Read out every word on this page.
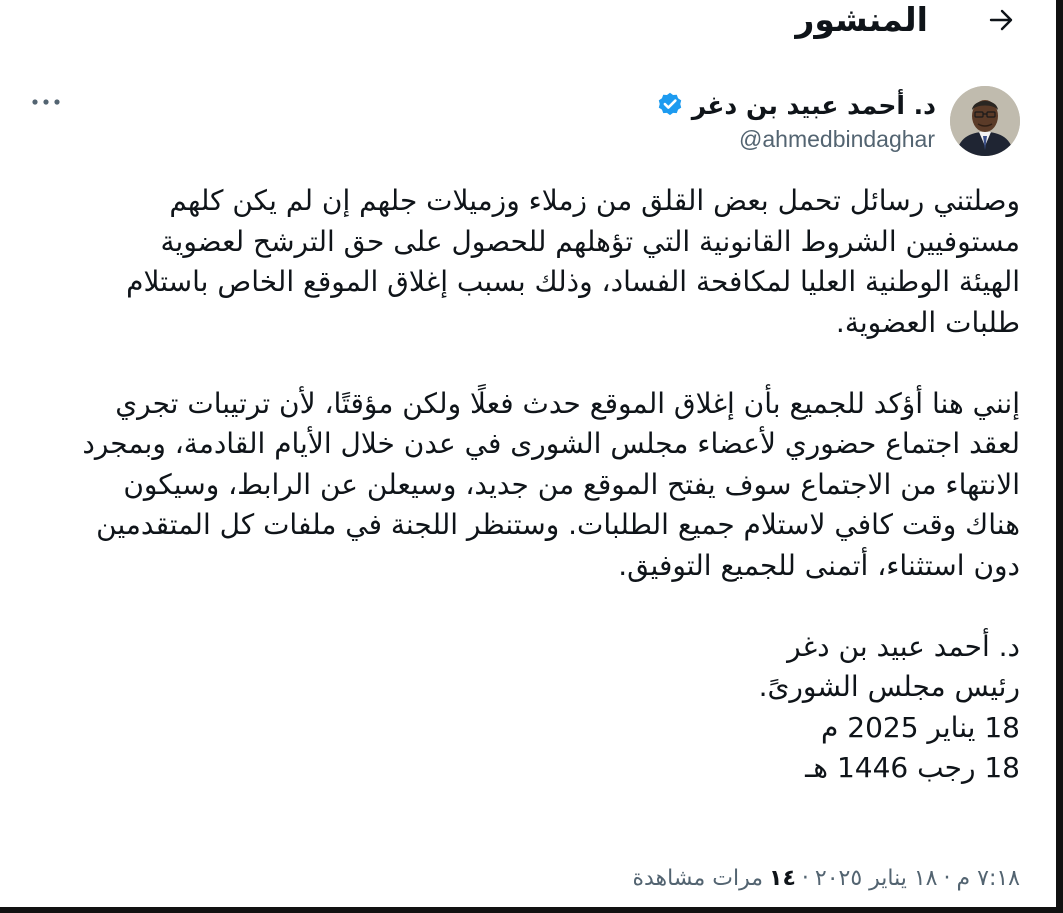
المنشور
د. أحمد عبيد بن دغر
@ahmedbindaghar

وصلتني رسائل تحمل بعض القلق من زملاء وزميلات جلهم إن لم يكن كلهم
مستوفيين الشروط القانونية التي تؤهلهم للحصول على حق الترشح لعضوية
الهيئة الوطنية العليا لمكافحة الفساد، وذلك بسبب إغلاق الموقع الخاص باستلام
طلبات العضوية.

إنني هنا أؤكد للجميع بأن إغلاق الموقع حدث فعلًا ولكن مؤقتًا، لأن ترتيبات تجري
لعقد اجتماع حضوري لأعضاء مجلس الشورى في عدن خلال الأيام القادمة، وبمجرد
الانتهاء من الاجتماع سوف يفتح الموقع من جديد، وسيعلن عن الرابط، وسيكون
هناك وقت كافي لاستلام جميع الطلبات. وستنظر اللجنة في ملفات كل المتقدمين
دون استثناء، أتمنى للجميع التوفيق.

د. أحمد عبيد بن دغر
رئيس مجلس الشورىً.
18 يناير 2025 م
18 رجب 1446 هـ

٧:١٨ م
·
١٨ يناير ٢٠٢٥
·
١٤
مرات مشاهدة
